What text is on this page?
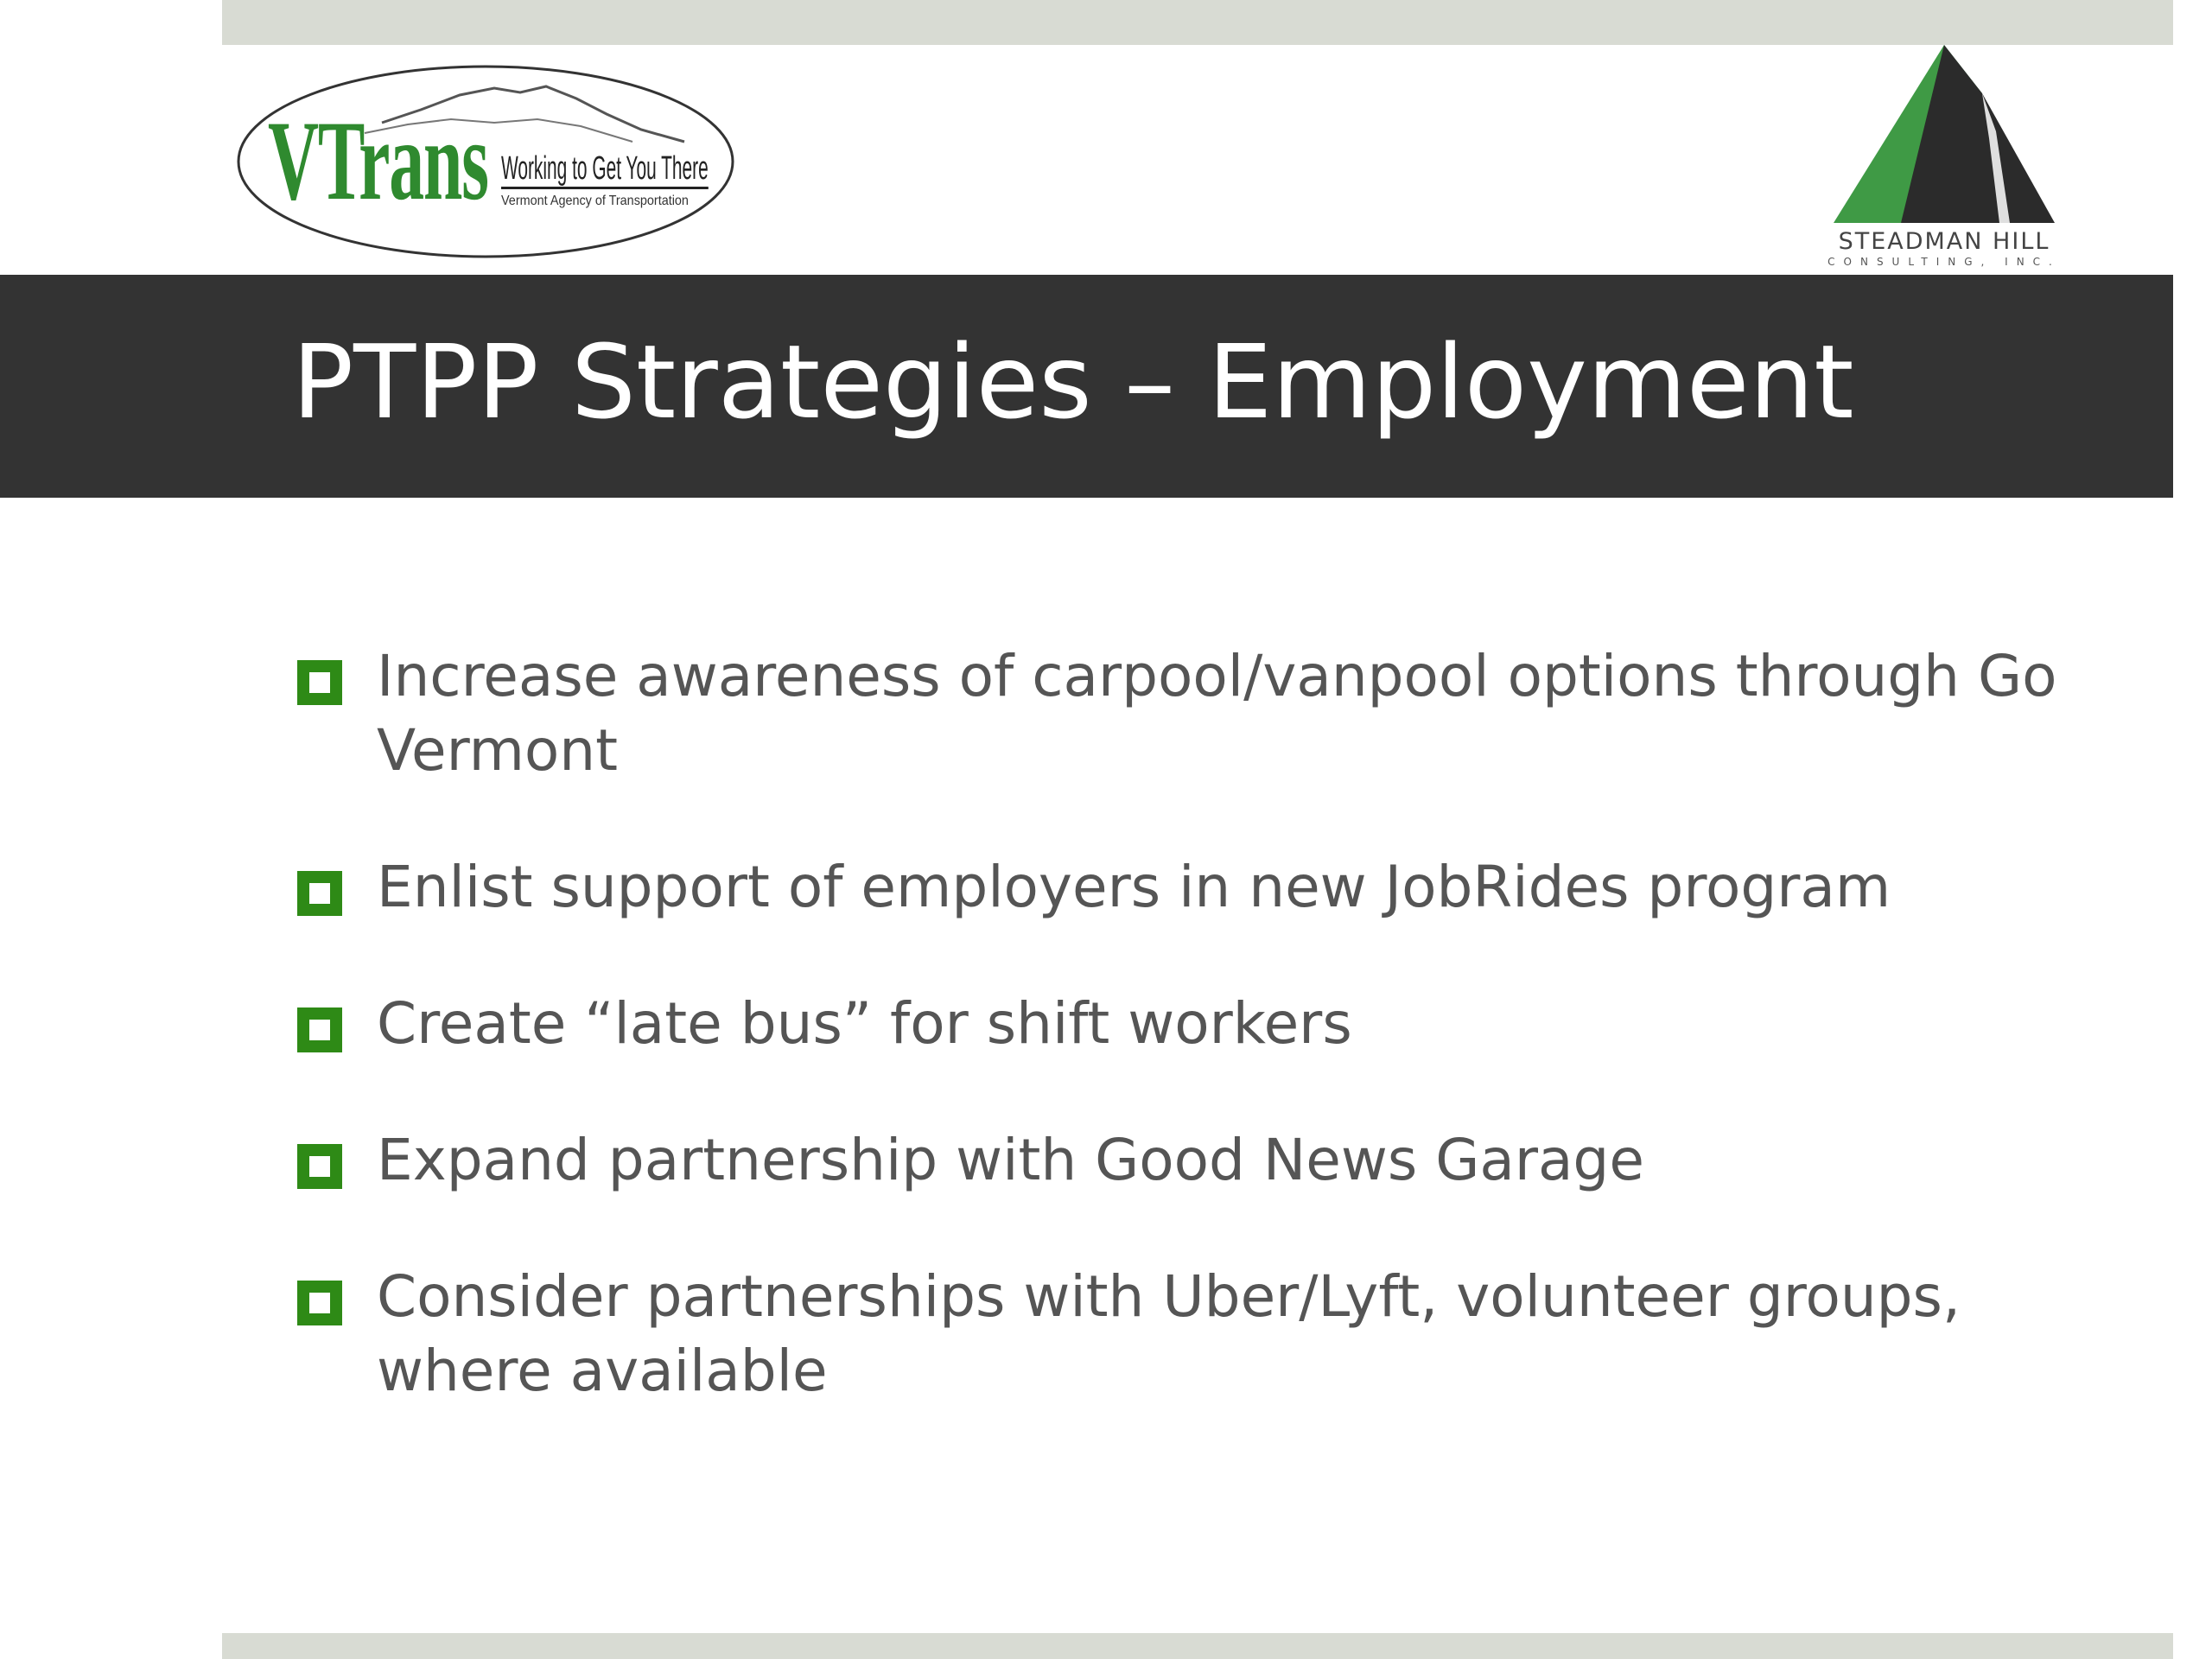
VTrans Working to Get You There
Vermont Agency of Transportation
STEADMAN HILL
CONSULTING, INC.
PTPP Strategies – Employment
Increase awareness of carpool/vanpool options through Go Vermont
Enlist support of employers in new JobRides program
Create “late bus” for shift workers
Expand partnership with Good News Garage
Consider partnerships with Uber/Lyft, volunteer groups, where available
